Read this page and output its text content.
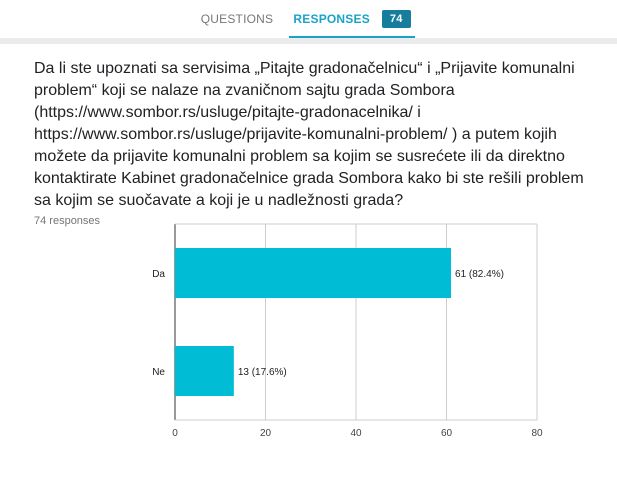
QUESTIONS RESPONSES	74

Da li ste upoznati sa servisima „Pitajte gradonačelnicu“ i „Prijavite komunalni problem“ koji se nalaze na zvaničnom sajtu grada Sombora (https://www.sombor.rs/usluge/pitajte-gradonacelnika/ i https://www.sombor.rs/usluge/prijavite-komunalni-problem/ ) a putem kojih možete da prijavite komunalni problem sa kojim se susrećete ili da direktno kontaktirate Kabinet gradonačelnice grada Sombora kako bi ste rešili problem sa kojim se suočavate a koji je u nadležnosti grada?

74 responses
0	20	40	60	80
Da	61 (82.4%)
Ne	13 (17.6%)
